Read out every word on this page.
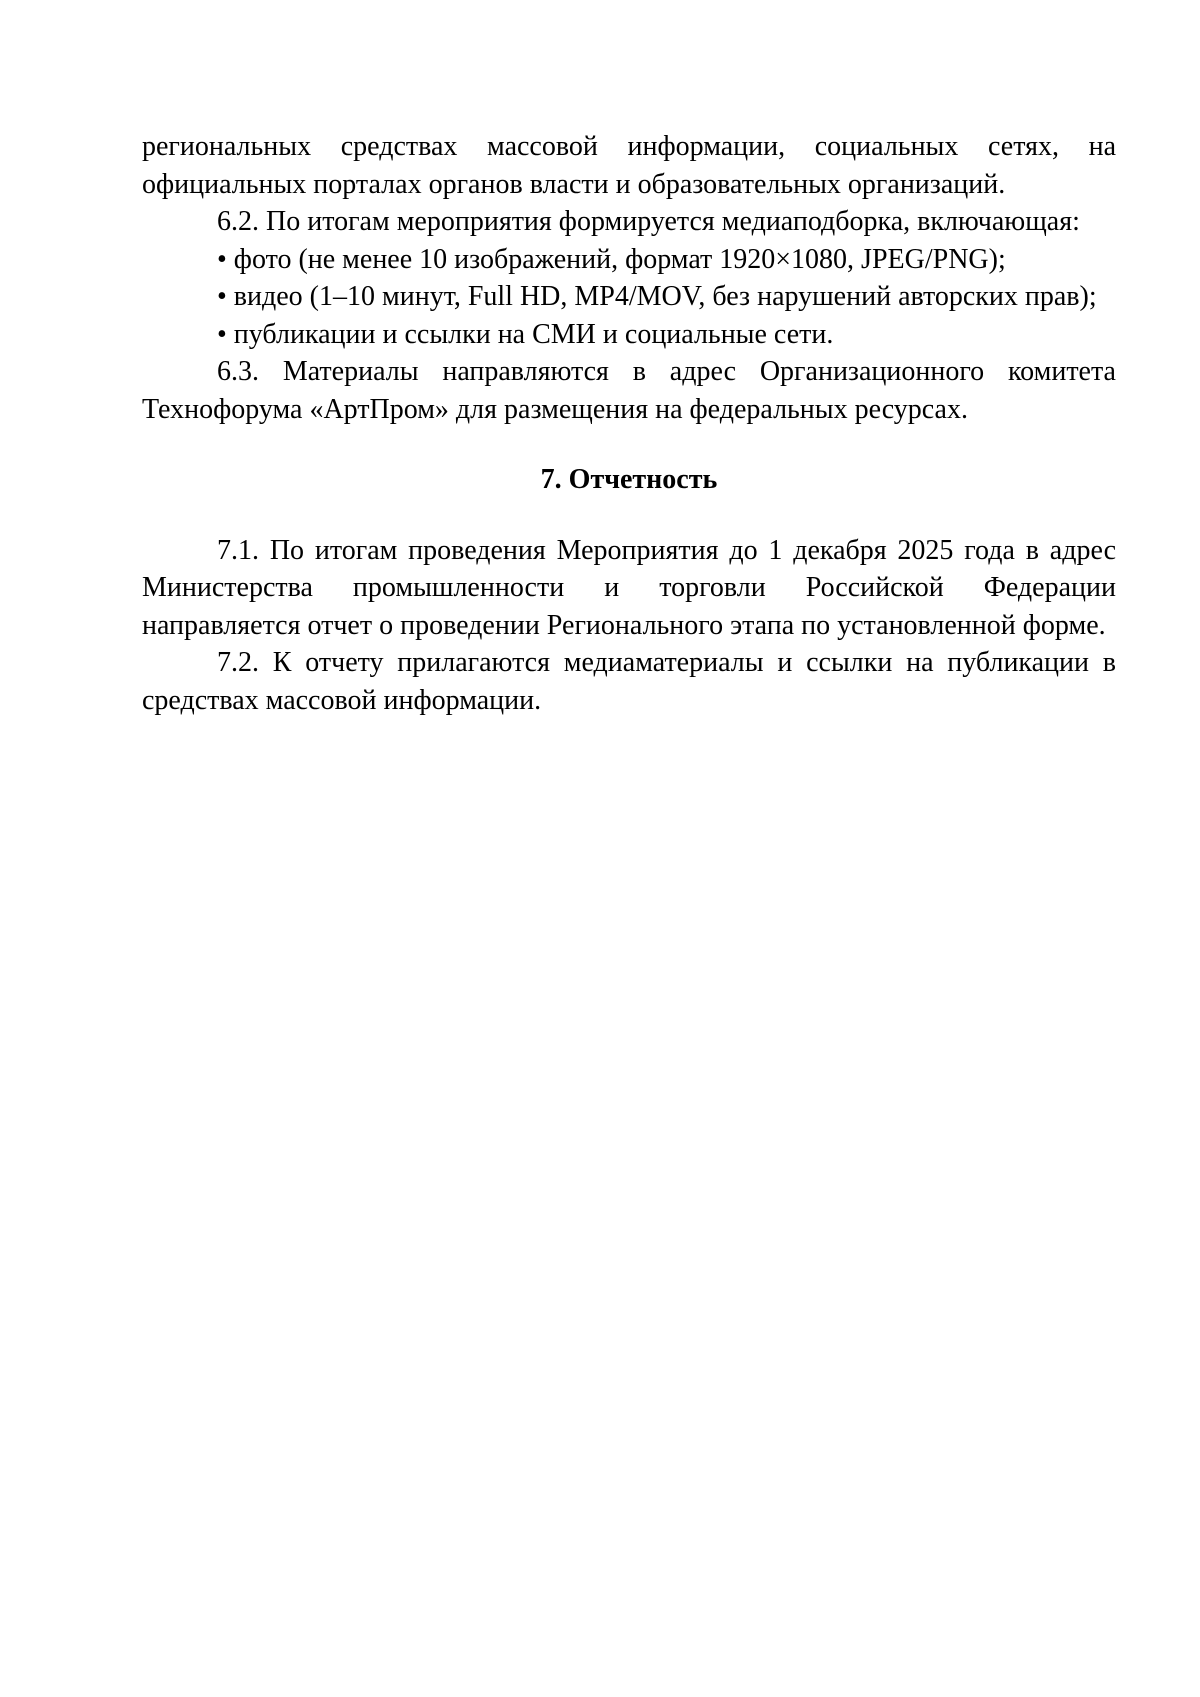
региональных средствах массовой информации, социальных сетях, на официальных порталах органов власти и образовательных организаций.

6.2. По итогам мероприятия формируется медиаподборка, включающая:

• фото (не менее 10 изображений, формат 1920×1080, JPEG/PNG);

• видео (1–10 минут, Full HD, MP4/MOV, без нарушений авторских прав);

• публикации и ссылки на СМИ и социальные сети.

6.3. Материалы направляются в адрес Организационного комитета Технофорума «АртПром» для размещения на федеральных ресурсах.

7. Отчетность

7.1. По итогам проведения Мероприятия до 1 декабря 2025 года в адрес Министерства промышленности и торговли Российской Федерации направляется отчет о проведении Регионального этапа по установленной форме.

7.2. К отчету прилагаются медиаматериалы и ссылки на публикации в средствах массовой информации.
